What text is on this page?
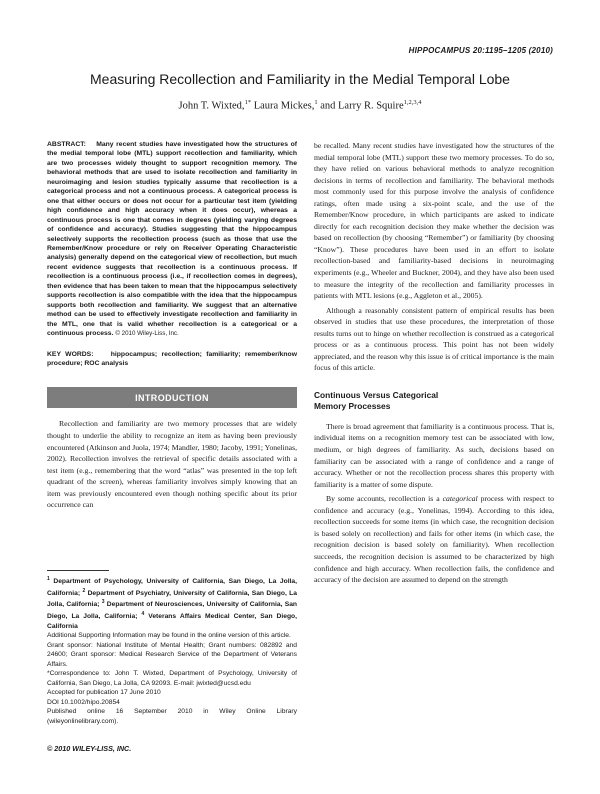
HIPPOCAMPUS 20:1195–1205 (2010)
Measuring Recollection and Familiarity in the Medial Temporal Lobe
John T. Wixted,$^{1*}$ Laura Mickes,$^1$ and Larry R. Squire$^{1,2,3,4}$

ABSTRACT: Many recent studies have investigated how the structures of the medial temporal lobe (MTL) support recollection and familiarity, which are two processes widely thought to support recognition memory. The behavioral methods that are used to isolate recollection and familiarity in neuroimaging and lesion studies typically assume that recollection is a categorical process and not a continuous process. A categorical process is one that either occurs or does not occur for a particular test item (yielding high confidence and high accuracy when it does occur), whereas a continuous process is one that comes in degrees (yielding varying degrees of confidence and accuracy). Studies suggesting that the hippocampus selectively supports the recollection process (such as those that use the Remember/Know procedure or rely on Receiver Operating Characteristic analysis) generally depend on the categorical view of recollection, but much recent evidence suggests that recollection is a continuous process. If recollection is a continuous process (i.e., if recollection comes in degrees), then evidence that has been taken to mean that the hippocampus selectively supports recollection is also compatible with the idea that the hippocampus supports both recollection and familiarity. We suggest that an alternative method can be used to effectively investigate recollection and familiarity in the MTL, one that is valid whether recollection is a categorical or a continuous process. © 2010 Wiley-Liss, Inc.

KEY WORDS:	hippocampus; recollection; familiarity; remember/know procedure; ROC analysis

INTRODUCTION

Recollection and familiarity are two memory processes that are widely thought to underlie the ability to recognize an item as having been previously encountered (Atkinson and Juola, 1974; Mandler, 1980; Jacoby, 1991; Yonelinas, 2002). Recollection involves the retrieval of specific details associated with a test item (e.g., remembering that the word “atlas” was presented in the top left quadrant of the screen), whereas familiarity involves simply knowing that an item was previously encountered even though nothing specific about its prior occurrence can

be recalled. Many recent studies have investigated how the structures of the medial temporal lobe (MTL) support these two memory processes. To do so, they have relied on various behavioral methods to analyze recognition decisions in terms of recollection and familiarity. The behavioral methods most commonly used for this purpose involve the analysis of confidence ratings, often made using a six-point scale, and the use of the Remember/Know procedure, in which participants are asked to indicate directly for each recognition decision they make whether the decision was based on recollection (by choosing “Remember”) or familiarity (by choosing “Know”). These procedures have been used in an effort to isolate recollection-based and familiarity-based decisions in neuroimaging experiments (e.g., Wheeler and Buckner, 2004), and they have also been used to measure the integrity of the recollection and familiarity processes in patients with MTL lesions (e.g., Aggleton et al., 2005).

Although a reasonably consistent pattern of empirical results has been observed in studies that use these procedures, the interpretation of those results turns out to hinge on whether recollection is construed as a categorical process or as a continuous process. This point has not been widely appreciated, and the reason why this issue is of critical importance is the main focus of this article.

Continuous Versus Categorical
Memory Processes

There is broad agreement that familiarity is a continuous process. That is, individual items on a recognition memory test can be associated with low, medium, or high degrees of familiarity. As such, decisions based on familiarity can be associated with a range of confidence and a range of accuracy. Whether or not the recollection process shares this property with familiarity is a matter of some dispute.

By some accounts, recollection is a categorical process with respect to confidence and accuracy (e.g., Yonelinas, 1994). According to this idea, recollection succeeds for some items (in which case, the recognition decision is based solely on recollection) and fails for other items (in which case, the recognition decision is based solely on familiarity). When recollection succeeds, the recognition decision is assumed to be characterized by high confidence and high accuracy. When recollection fails, the confidence and accuracy of the decision are assumed to depend on the strength

$^1$ Department of Psychology, University of California, San Diego, La Jolla, California; $^2$ Department of Psychiatry, University of California, San Diego, La Jolla, California; $^3$ Department of Neurosciences, University of California, San Diego, La Jolla, California; $^4$ Veterans Affairs Medical Center, San Diego, California

Additional Supporting Information may be found in the online version of this article.

Grant sponsor: National Institute of Mental Health; Grant numbers: 082892 and 24600; Grant sponsor: Medical Research Service of the Department of Veterans Affairs.

*Correspondence to: John T. Wixted, Department of Psychology, University of California, San Diego, La Jolla, CA 92093. E-mail: jwixted@ucsd.edu

Accepted for publication 17 June 2010

DOI 10.1002/hipo.20854

Published online 16 September 2010 in Wiley Online Library (wileyonlinelibrary.com).

© 2010 WILEY-LISS, INC.
